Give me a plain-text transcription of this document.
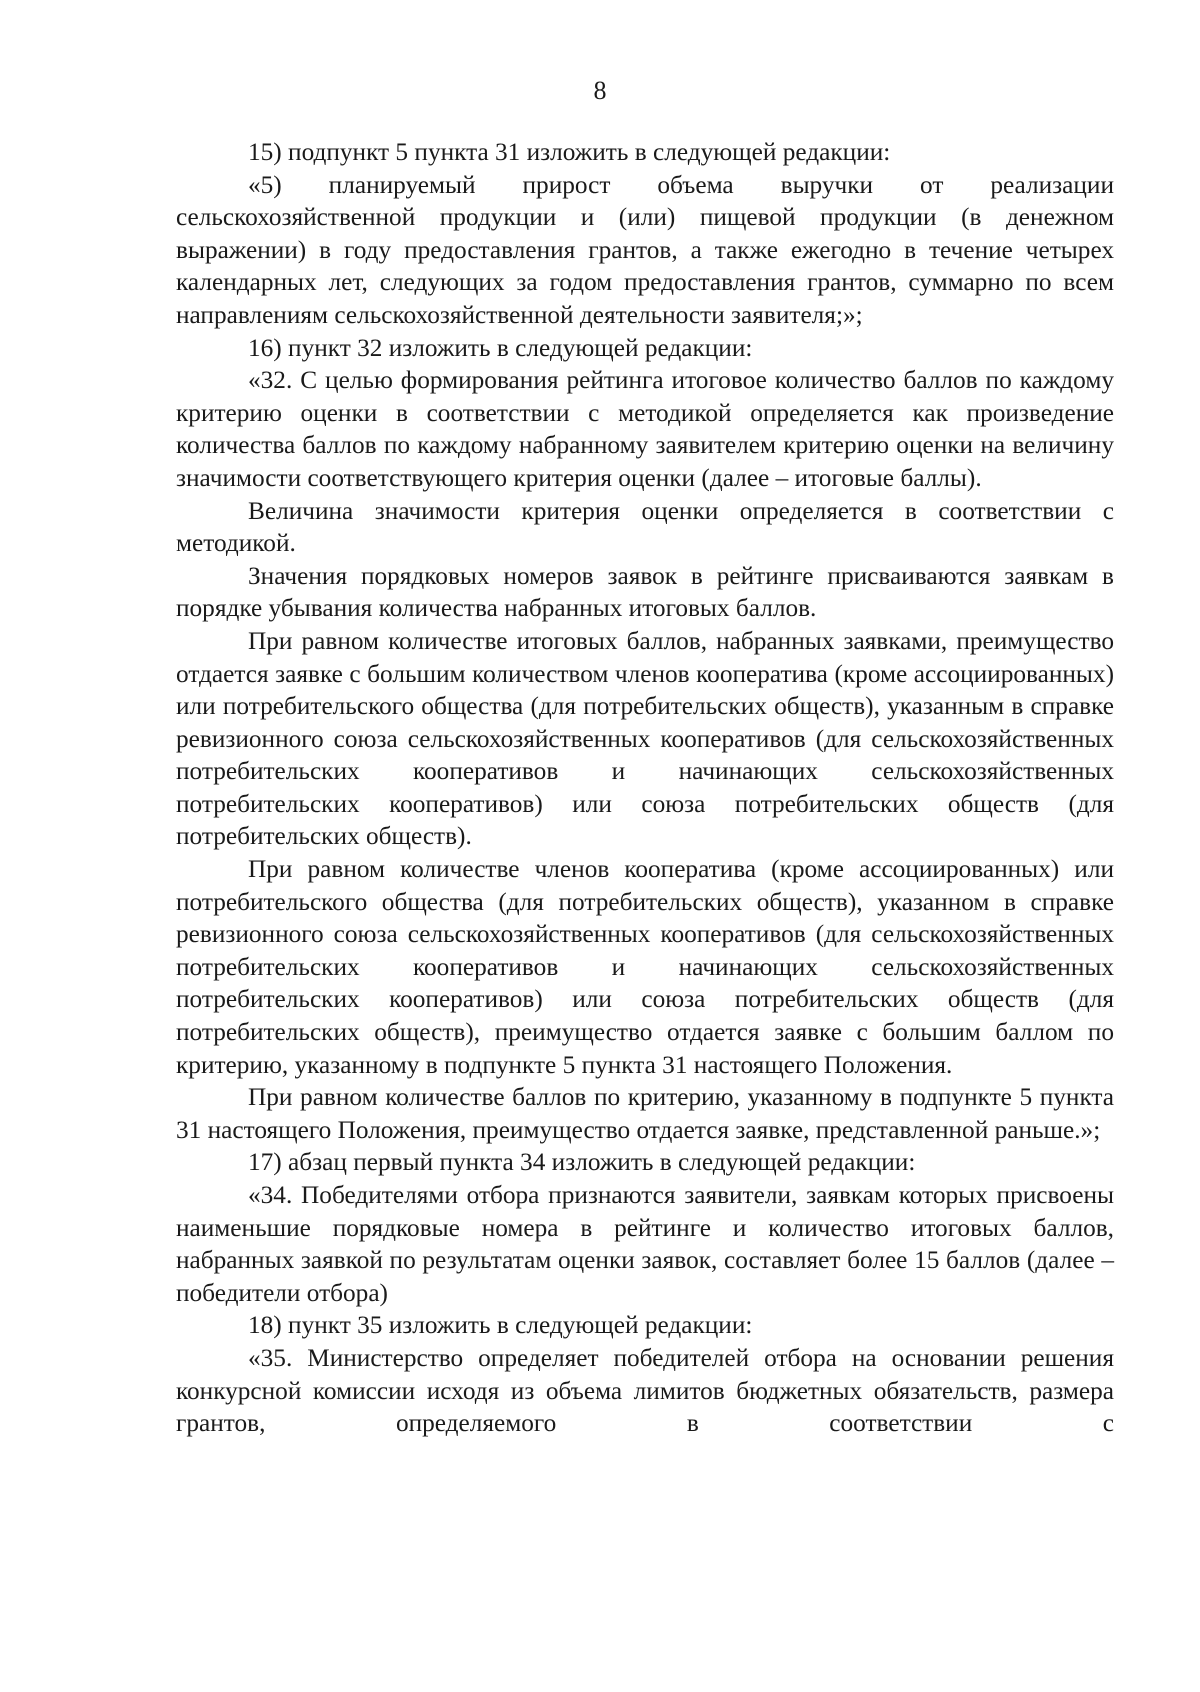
8

15) подпункт 5 пункта 31 изложить в следующей редакции:

«5) планируемый прирост объема выручки от реализации сельскохозяйственной продукции и (или) пищевой продукции (в денежном выражении) в году предоставления грантов, а также ежегодно в течение четырех календарных лет, следующих за годом предоставления грантов, суммарно по всем направлениям сельскохозяйственной деятельности заявителя;»;

16) пункт 32 изложить в следующей редакции:

«32. С целью формирования рейтинга итоговое количество баллов по каждому критерию оценки в соответствии с методикой определяется как произведение количества баллов по каждому набранному заявителем критерию оценки на величину значимости соответствующего критерия оценки (далее – итоговые баллы).

Величина значимости критерия оценки определяется в соответствии с методикой.

Значения порядковых номеров заявок в рейтинге присваиваются заявкам в порядке убывания количества набранных итоговых баллов.

При равном количестве итоговых баллов, набранных заявками, преимущество отдается заявке с большим количеством членов кооператива (кроме ассоциированных) или потребительского общества (для потребительских обществ), указанным в справке ревизионного союза сельскохозяйственных кооперативов (для сельскохозяйственных потребительских кооперативов и начинающих сельскохозяйственных потребительских кооперативов) или союза потребительских обществ (для потребительских обществ).

При равном количестве членов кооператива (кроме ассоциированных) или потребительского общества (для потребительских обществ), указанном в справке ревизионного союза сельскохозяйственных кооперативов (для сельскохозяйственных потребительских кооперативов и начинающих сельскохозяйственных потребительских кооперативов) или союза потребительских обществ (для потребительских обществ), преимущество отдается заявке с большим баллом по критерию, указанному в подпункте 5 пункта 31 настоящего Положения.

При равном количестве баллов по критерию, указанному в подпункте 5 пункта 31 настоящего Положения, преимущество отдается заявке, представленной раньше.»;

17) абзац первый пункта 34 изложить в следующей редакции:

«34. Победителями отбора признаются заявители, заявкам которых присвоены наименьшие порядковые номера в рейтинге и количество итоговых баллов, набранных заявкой по результатам оценки заявок, составляет более 15 баллов (далее – победители отбора)

18) пункт 35 изложить в следующей редакции:

«35. Министерство определяет победителей отбора на основании решения конкурсной комиссии исходя из объема лимитов бюджетных обязательств, размера грантов, определяемого в соответствии с
